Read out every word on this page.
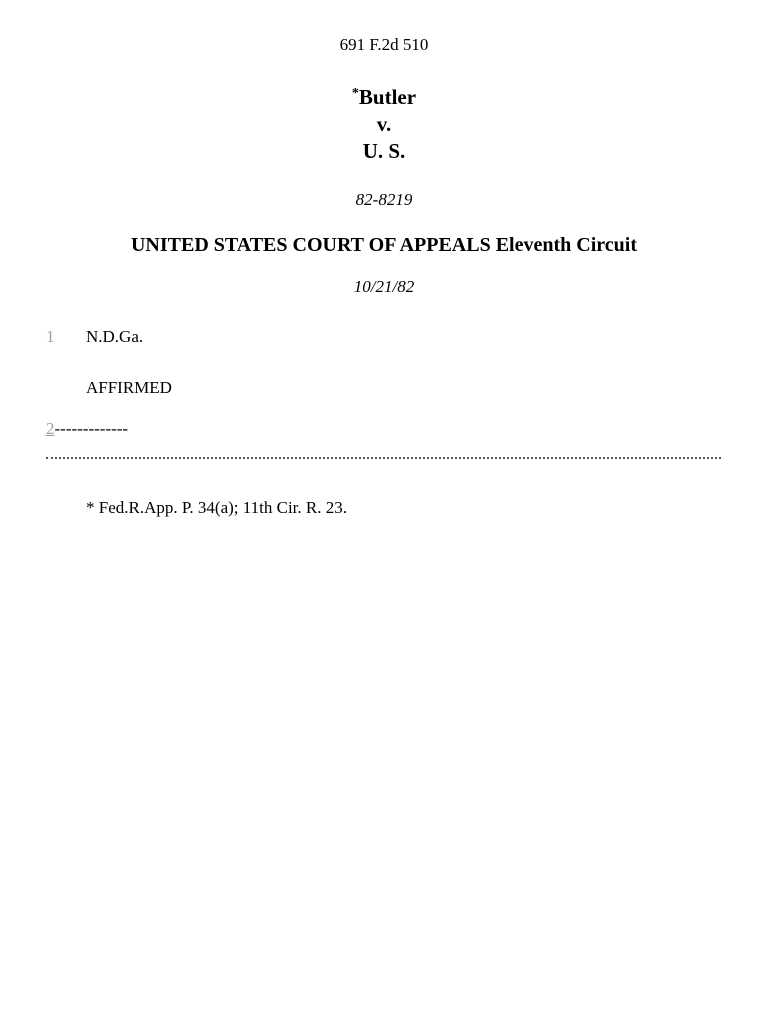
691 F.2d 510
*Butler
v.
U. S.
82-8219
UNITED STATES COURT OF APPEALS Eleventh Circuit
10/21/82
1 N.D.Ga.
AFFIRMED
2-------------
* Fed.R.App. P. 34(a); 11th Cir. R. 23.
